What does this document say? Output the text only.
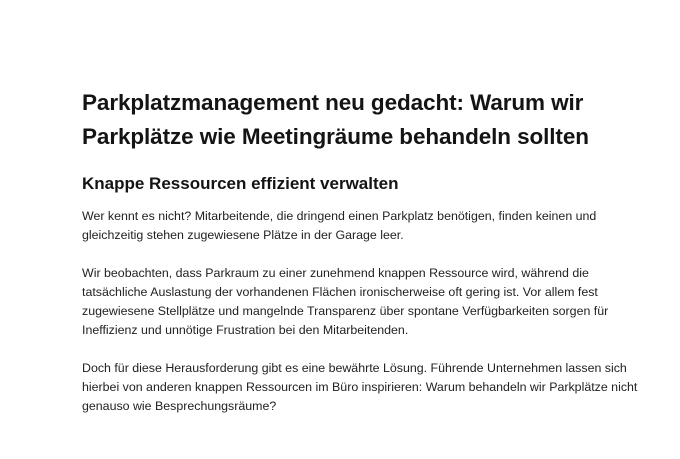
Parkplatzmanagement neu gedacht: Warum wir Parkplätze wie Meetingräume behandeln sollten
Knappe Ressourcen effizient verwalten

Wer kennt es nicht? Mitarbeitende, die dringend einen Parkplatz benötigen, finden keinen und gleichzeitig stehen zugewiesene Plätze in der Garage leer.

Wir beobachten, dass Parkraum zu einer zunehmend knappen Ressource wird, während die tatsächliche Auslastung der vorhandenen Flächen ironischerweise oft gering ist. Vor allem fest zugewiesene Stellplätze und mangelnde Transparenz über spontane Verfügbarkeiten sorgen für Ineffizienz und unnötige Frustration bei den Mitarbeitenden.

Doch für diese Herausforderung gibt es eine bewährte Lösung. Führende Unternehmen lassen sich hierbei von anderen knappen Ressourcen im Büro inspirieren: Warum behandeln wir Parkplätze nicht genauso wie Besprechungsräume?
